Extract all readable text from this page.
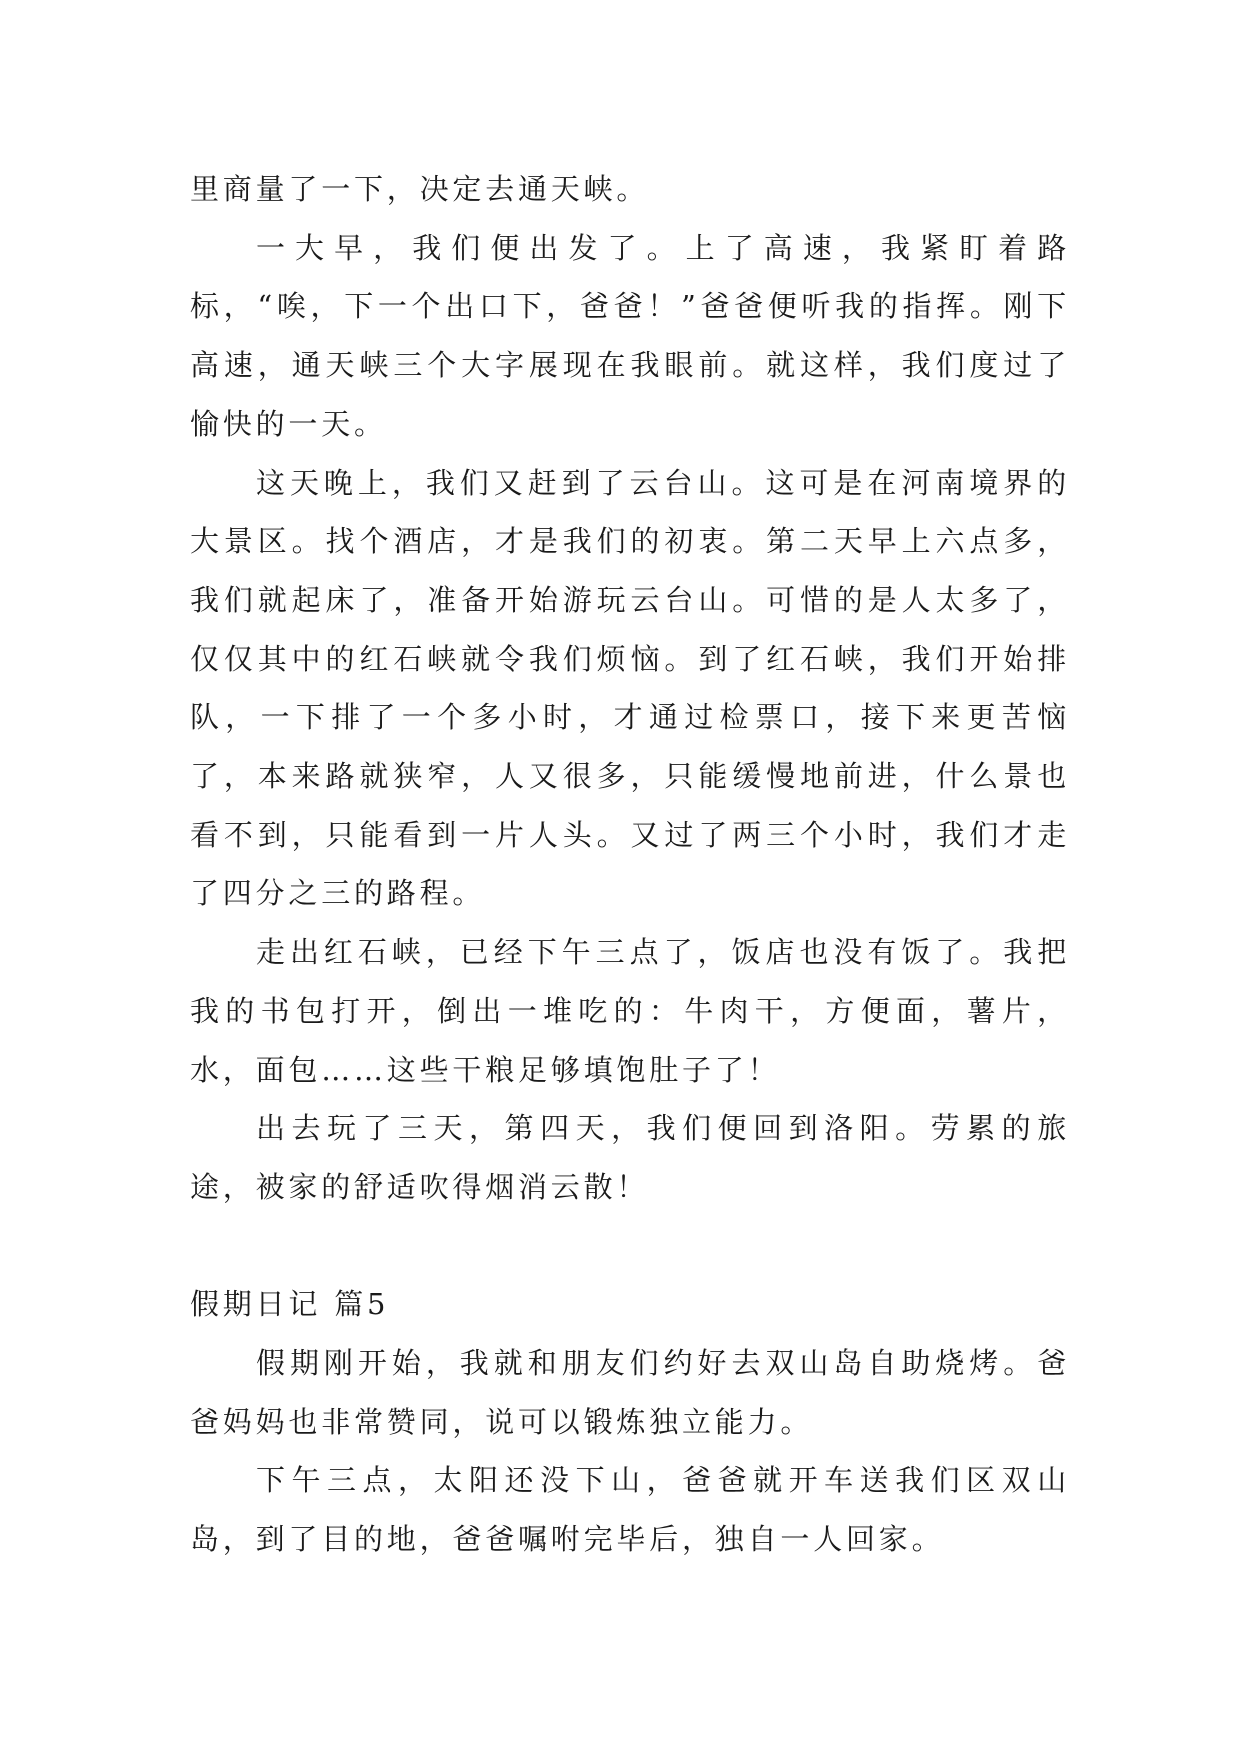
里商量了一下，决定去通天峡。

一大早，我们便出发了。上了高速，我紧盯着路标，“唉，下一个出口下，爸爸！”爸爸便听我的指挥。刚下高速，通天峡三个大字展现在我眼前。就这样，我们度过了愉快的一天。

这天晚上，我们又赶到了云台山。这可是在河南境界的大景区。找个酒店，才是我们的初衷。第二天早上六点多，我们就起床了，准备开始游玩云台山。可惜的是人太多了，仅仅其中的红石峡就令我们烦恼。到了红石峡，我们开始排队，一下排了一个多小时，才通过检票口，接下来更苦恼了，本来路就狭窄，人又很多，只能缓慢地前进，什么景也看不到，只能看到一片人头。又过了两三个小时，我们才走了四分之三的路程。

走出红石峡，已经下午三点了，饭店也没有饭了。我把我的书包打开，倒出一堆吃的：牛肉干，方便面，薯片，水，面包……这些干粮足够填饱肚子了！

出去玩了三天，第四天，我们便回到洛阳。劳累的旅途，被家的舒适吹得烟消云散！

假期日记 篇5

假期刚开始，我就和朋友们约好去双山岛自助烧烤。爸爸妈妈也非常赞同，说可以锻炼独立能力。

下午三点，太阳还没下山，爸爸就开车送我们区双山岛，到了目的地，爸爸嘱咐完毕后，独自一人回家。
